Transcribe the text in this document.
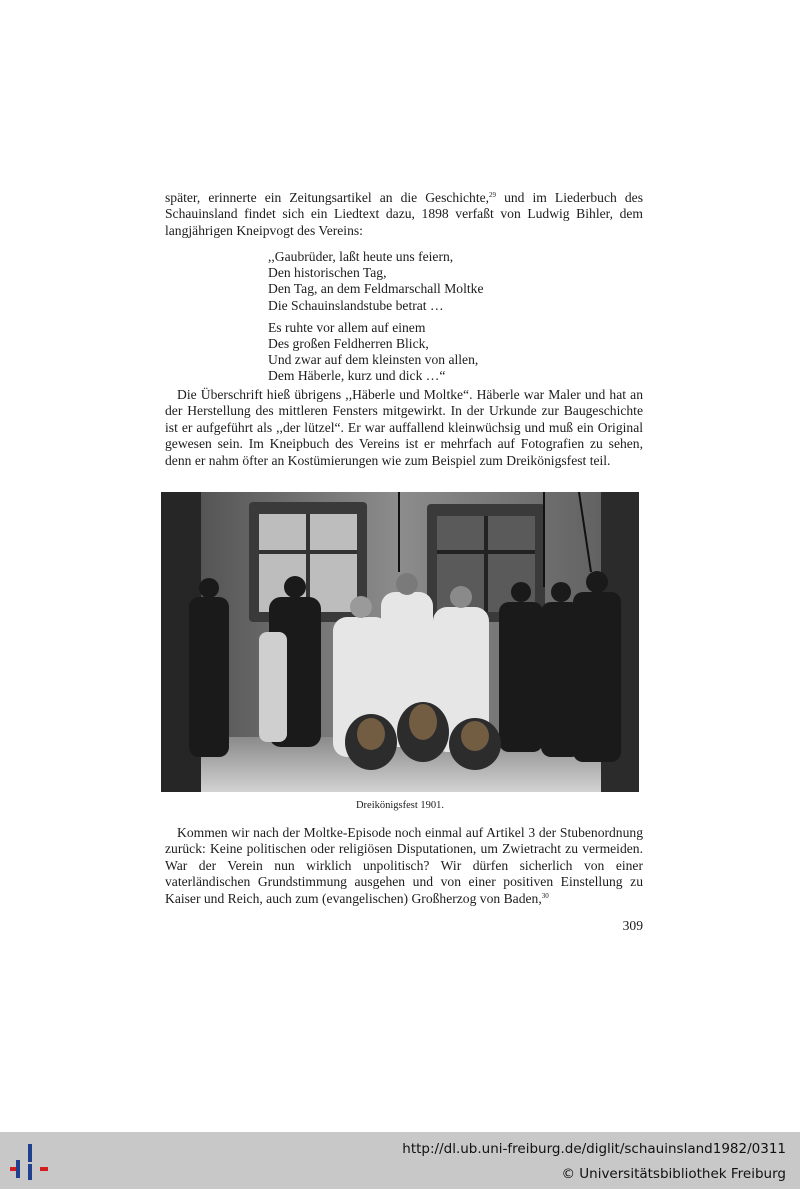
später, erinnerte ein Zeitungsartikel an die Geschichte,$^{29}$ und im Liederbuch des Schauinsland findet sich ein Liedtext dazu, 1898 verfaßt von Ludwig Bihler, dem langjährigen Kneipvogt des Vereins:

,,Gaubrüder, laßt heute uns feiern,
Den historischen Tag,
Den Tag, an dem Feldmarschall Moltke
Die Schauinslandstube betrat …
Es ruhte vor allem auf einem
Des großen Feldherren Blick,
Und zwar auf dem kleinsten von allen,
Dem Häberle, kurz und dick …“

Die Überschrift hieß übrigens ,,Häberle und Moltke“. Häberle war Maler und hat an der Herstellung des mittleren Fensters mitgewirkt. In der Urkunde zur Baugeschichte ist er aufgeführt als ,,der lützel“. Er war auffallend kleinwüchsig und muß ein Original gewesen sein. Im Kneipbuch des Vereins ist er mehrfach auf Fotografien zu sehen, denn er nahm öfter an Kostümierungen wie zum Beispiel zum Dreikönigsfest teil.

Dreikönigsfest 1901.

Kommen wir nach der Moltke-Episode noch einmal auf Artikel 3 der Stubenordnung zurück: Keine politischen oder religiösen Disputationen, um Zwietracht zu vermeiden. War der Verein nun wirklich unpolitisch? Wir dürfen sicherlich von einer vaterländischen Grundstimmung ausgehen und von einer positiven Einstellung zu Kaiser und Reich, auch zum (evangelischen) Großherzog von Baden,$^{30}$

309
http://dl.ub.uni-freiburg.de/diglit/schauinsland1982/0311
© Universitätsbibliothek Freiburg
